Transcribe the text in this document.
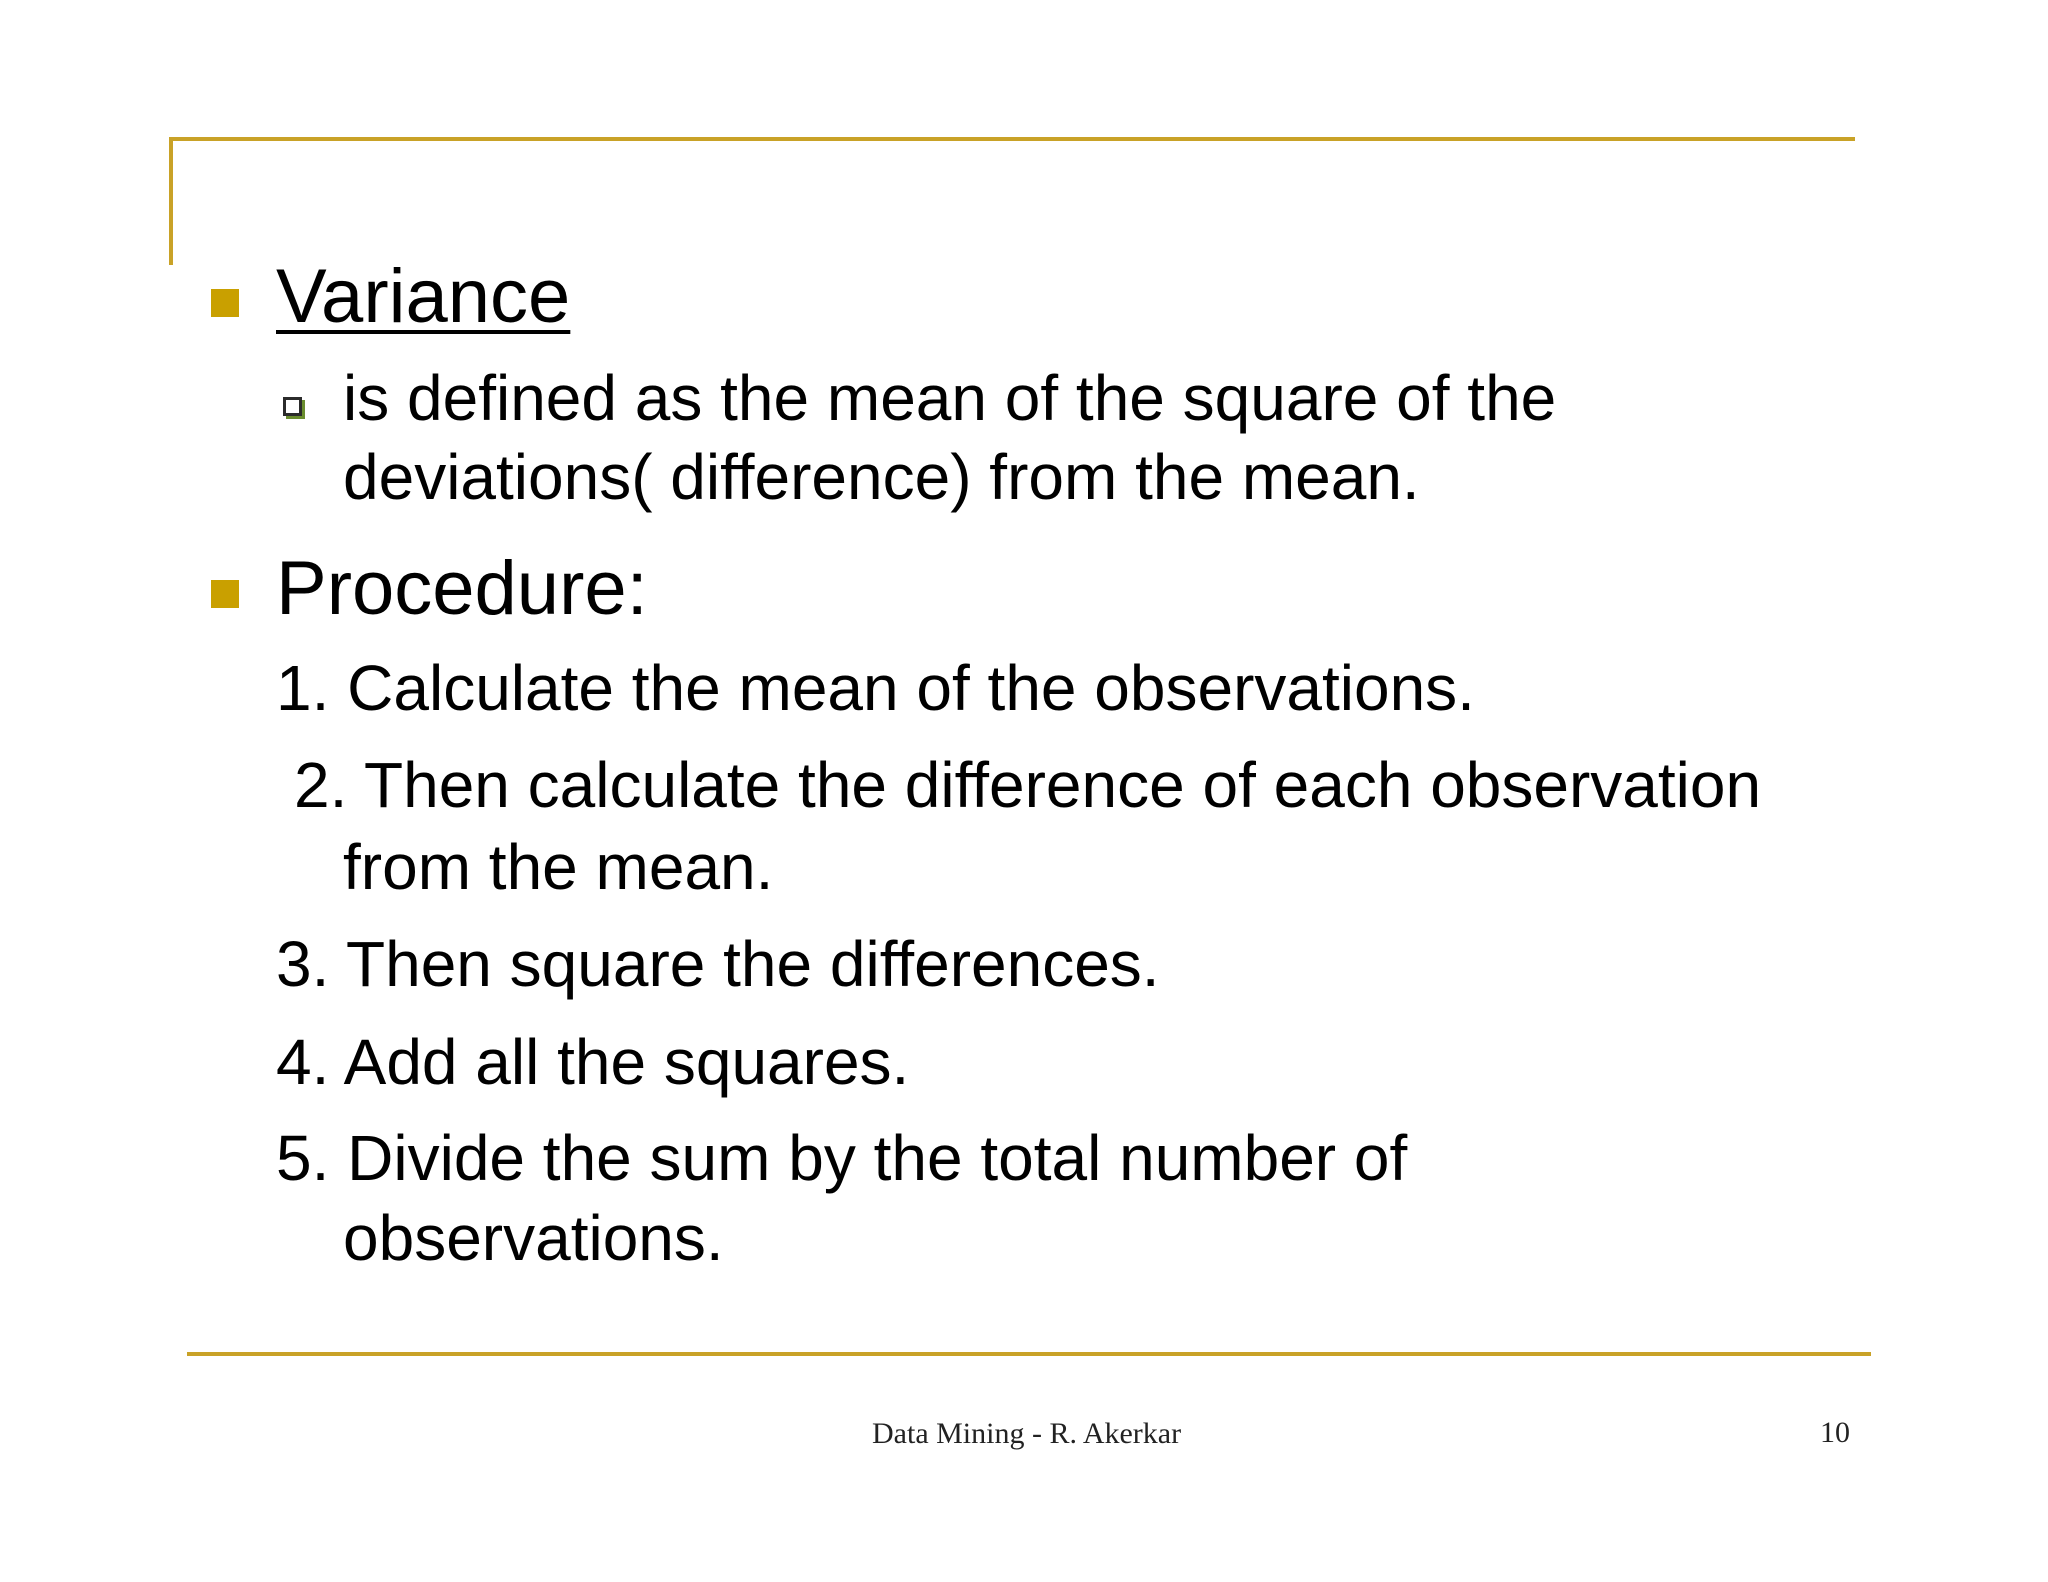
Variance
is defined as the mean of the square of the
deviations( difference) from the mean.
Procedure:
1. Calculate the mean of the observations.
2. Then calculate the difference of each observation
from the mean.
3. Then square the differences.
4. Add all the squares.
5. Divide the sum by the total number of
observations.
Data Mining - R. Akerkar	10
